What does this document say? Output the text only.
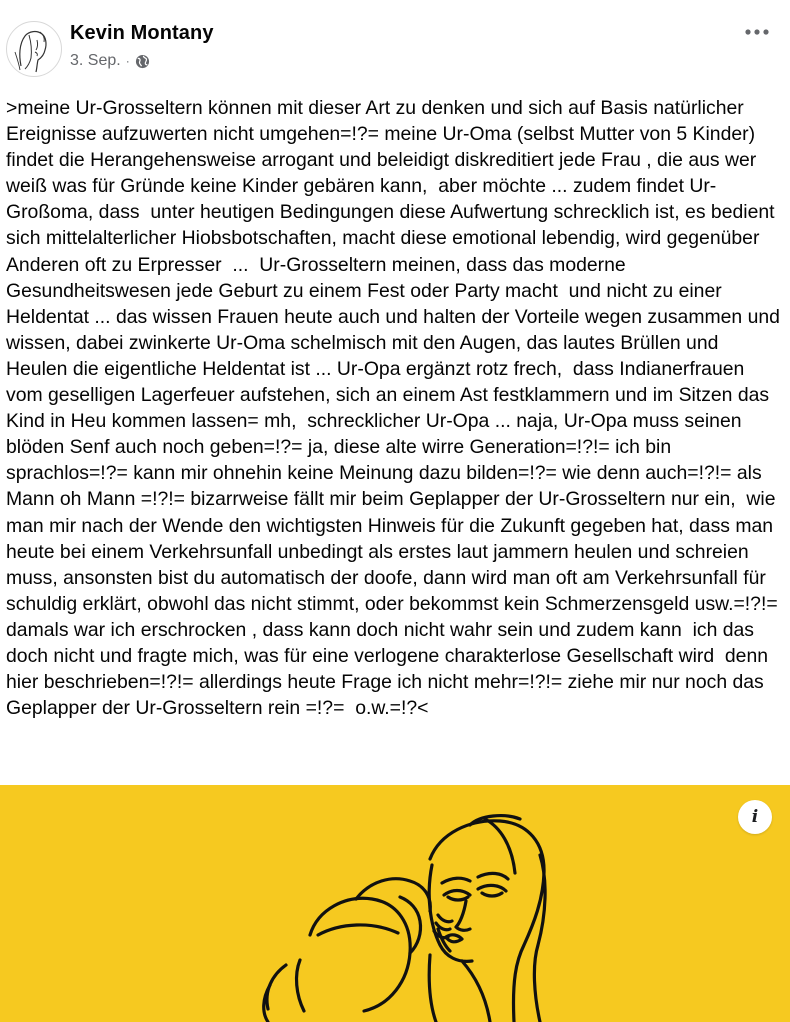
Kevin Montany
3. Sep. ·

>meine Ur-Grosseltern können mit dieser Art zu denken und sich auf Basis natürlicher Ereignisse aufzuwerten nicht umgehen=!?= meine Ur-Oma (selbst Mutter von 5 Kinder) findet die Herangehensweise arrogant und beleidigt diskreditiert jede Frau , die aus wer weiß was für Gründe keine Kinder gebären kann,  aber möchte ... zudem findet Ur-Großoma, dass  unter heutigen Bedingungen diese Aufwertung schrecklich ist, es bedient sich mittelalterlicher Hiobsbotschaften, macht diese emotional lebendig, wird gegenüber Anderen oft zu Erpresser  ...  Ur-Grosseltern meinen, dass das moderne Gesundheitswesen jede Geburt zu einem Fest oder Party macht  und nicht zu einer Heldentat ... das wissen Frauen heute auch und halten der Vorteile wegen zusammen und wissen, dabei zwinkerte Ur-Oma schelmisch mit den Augen, das lautes Brüllen und Heulen die eigentliche Heldentat ist ... Ur-Opa ergänzt rotz frech,  dass Indianerfrauen vom geselligen Lagerfeuer aufstehen, sich an einem Ast festklammern und im Sitzen das Kind in Heu kommen lassen= mh,  schrecklicher Ur-Opa ... naja, Ur-Opa muss seinen blöden Senf auch noch geben=!?= ja, diese alte wirre Generation=!?!= ich bin sprachlos=!?= kann mir ohnehin keine Meinung dazu bilden=!?= wie denn auch=!?!= als Mann oh Mann =!?!= bizarrweise fällt mir beim Geplapper der Ur-Grosseltern nur ein,  wie man mir nach der Wende den wichtigsten Hinweis für die Zukunft gegeben hat, dass man heute bei einem Verkehrsunfall unbedingt als erstes laut jammern heulen und schreien muss, ansonsten bist du automatisch der doofe, dann wird man oft am Verkehrsunfall für schuldig erklärt, obwohl das nicht stimmt, oder bekommst kein Schmerzensgeld usw.=!?!= damals war ich erschrocken , dass kann doch nicht wahr sein und zudem kann  ich das doch nicht und fragte mich, was für eine verlogene charakterlose Gesellschaft wird  denn hier beschrieben=!?!= allerdings heute Frage ich nicht mehr=!?!= ziehe mir nur noch das Geplapper der Ur-Grosseltern rein =!?=  o.w.=!?<

i
